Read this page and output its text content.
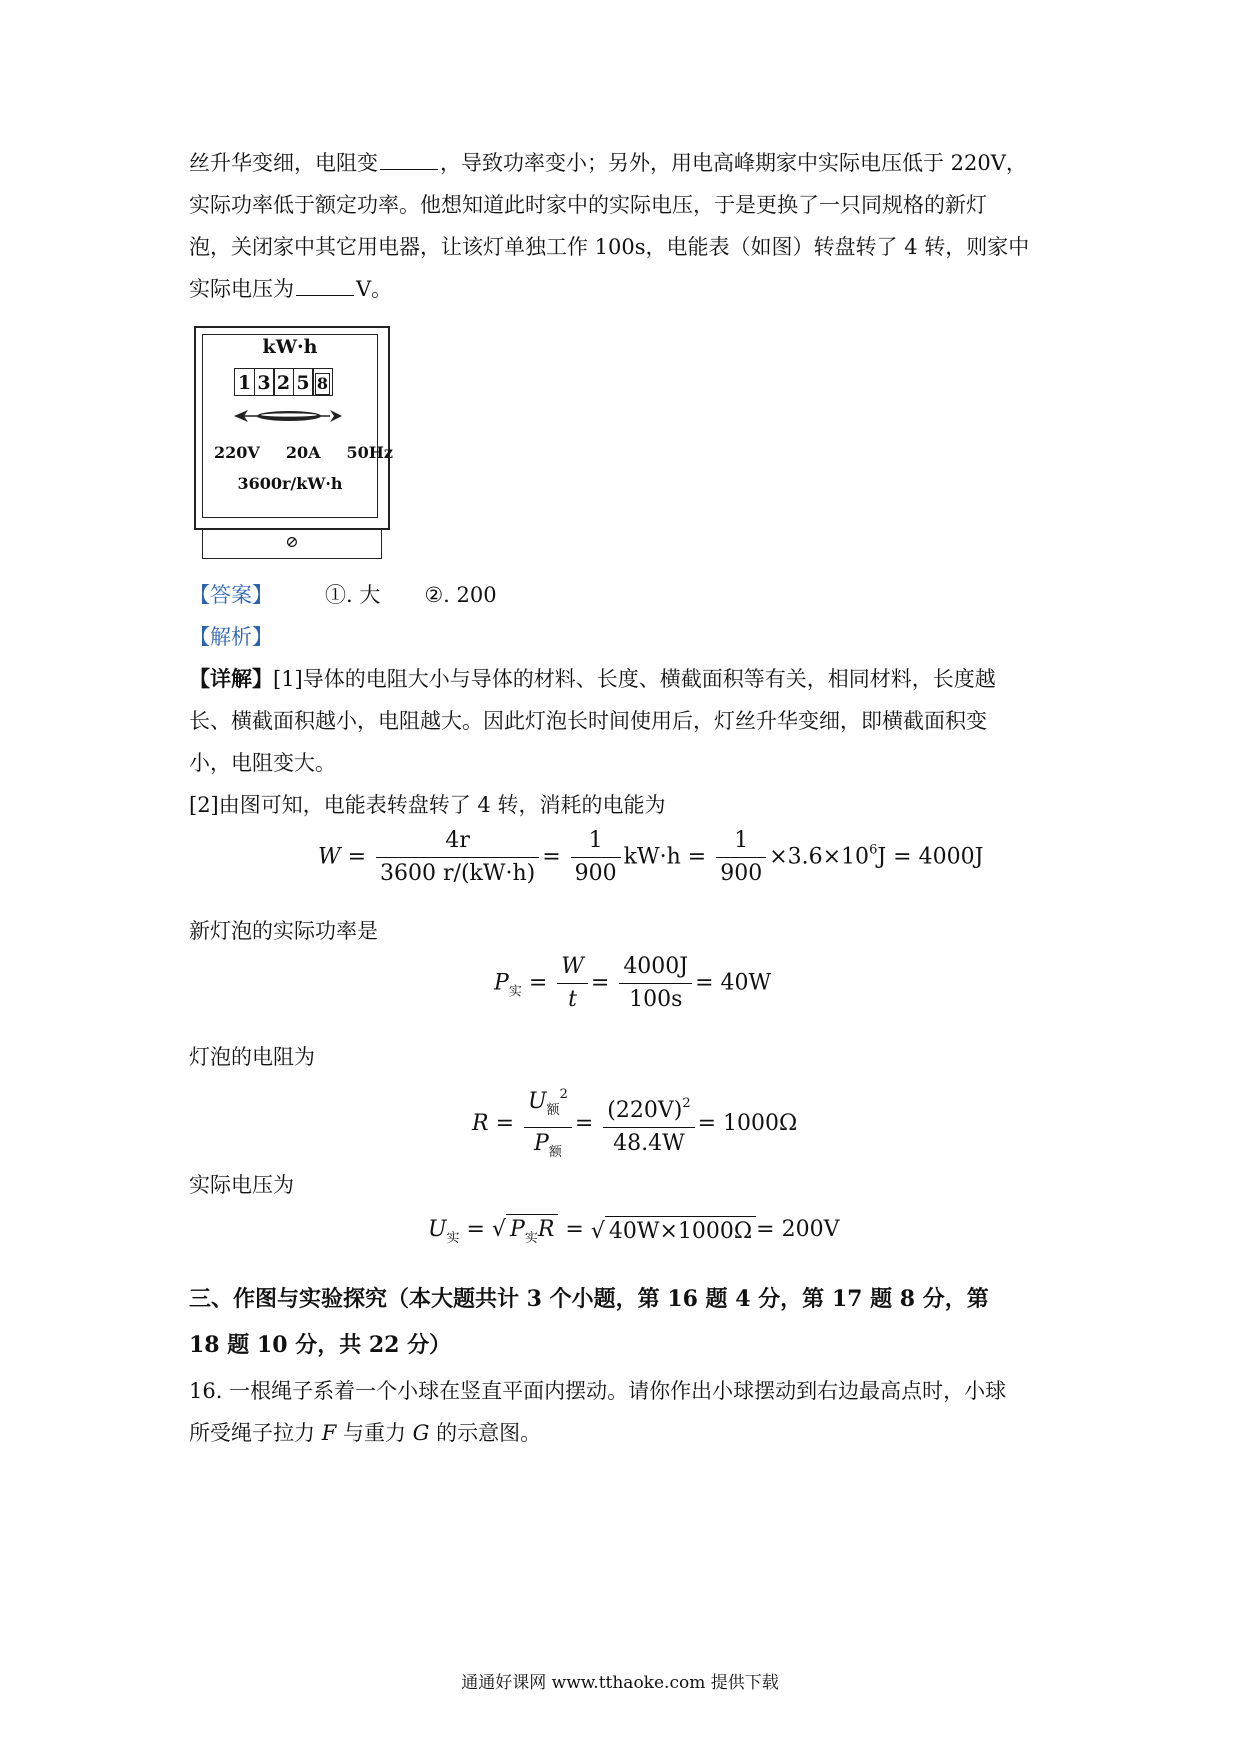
丝升华变细，电阻变	，导致功率变小；另外，用电高峰期家中实际电压低于 220V，
实际功率低于额定功率。他想知道此时家中的实际电压，于是更换了一只同规格的新灯
泡，关闭家中其它用电器，让该灯单独工作 100s，电能表（如图）转盘转了 4 转，则家中
实际电压为	V。
kW·h
1 3 2 5 8
220V 20A 50Hz
3600r/kW·h
⊘
【答案】 ①. 大 ②. 200
【解析】
【详解】[1]导体的电阻大小与导体的材料、长度、横截面积等有关，相同材料，长度越
长、横截面积越小，电阻越大。因此灯泡长时间使用后，灯丝升华变细，即横截面积变
小，电阻变大。
[2]由图可知，电能表转盘转了 4 转，消耗的电能为
$W = \frac{4r}{3600 r/(kW\cdot h)} = \frac{1}{900} kW\cdot h = \frac{1}{900} \times 3.6\times 10^6J = 4000J$
新灯泡的实际功率是
$P_实 = \frac{W}{t} = \frac{4000J}{100s} = 40W$
灯泡的电阻为
$R = \frac{U_额^2}{P_额} = \frac{(220V)^2}{48.4W} = 1000\Omega$
实际电压为
$U_实$ = √ $P_实R$ = √ 40W×1000Ω = 200V
三、作图与实验探究（本大题共计 3 个小题，第 16 题 4 分，第 17 题 8 分，第
18 题 10 分，共 22 分）
16. 一根绳子系着一个小球在竖直平面内摆动。请你作出小球摆动到右边最高点时，小球
所受绳子拉力 F 与重力 G 的示意图。
通通好课网 www.tthaoke.com 提供下载
